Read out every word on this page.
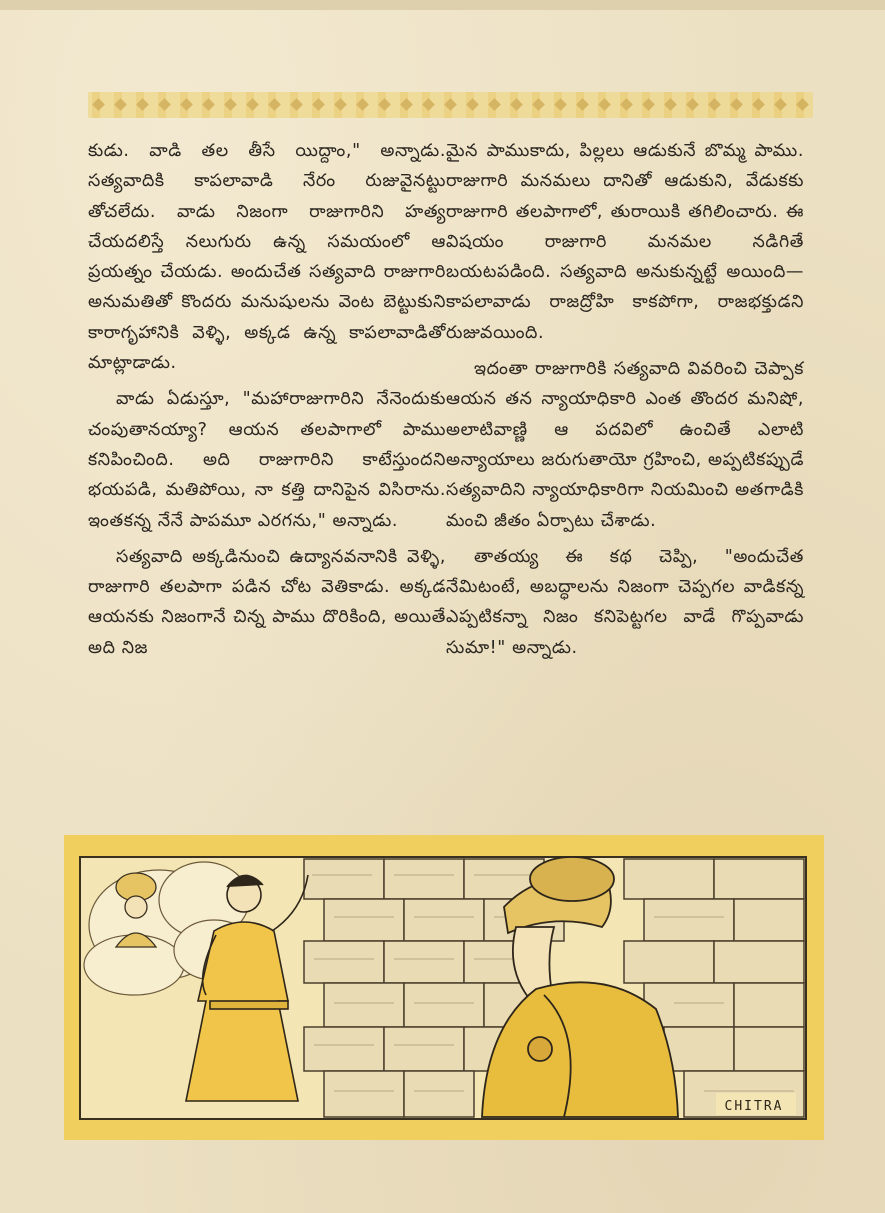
కుడు. వాడి తల తీసే యిద్దాం," అన్నాడు. సత్యవాదికి కాపలావాడి నేరం రుజువైనట్టు తోచలేదు. వాడు నిజంగా రాజుగారిని హత్య చేయదలిస్తే నలుగురు ఉన్న సమయంలో ఆ ప్రయత్నం చేయడు. అందుచేత సత్యవాది రాజుగారి అనుమతితో కొందరు మనుషులను వెంట బెట్టుకుని కారాగృహానికి వెళ్ళి, అక్కడ ఉన్న కాపలావాడితో మాట్లాడాడు.

వాడు ఏడుస్తూ, "మహారాజుగారిని నేనెందుకు చంపుతానయ్యా? ఆయన తలపాగాలో పాము కనిపించింది. అది రాజుగారిని కాటేస్తుందని భయపడి, మతిపోయి, నా కత్తి దానిపైన విసిరాను. ఇంతకన్న నేనే పాపమూ ఎరగను," అన్నాడు.

సత్యవాది అక్కడినుంచి ఉద్యానవనానికి వెళ్ళి, రాజుగారి తలపాగా పడిన చోట వెతికాడు. అక్కడ ఆయనకు నిజంగానే చిన్న పాము దొరికింది, అయితే అది నిజ

మైన పాముకాదు, పిల్లలు ఆడుకునే బొమ్మ పాము. రాజుగారి మనమలు దానితో ఆడుకుని, వేడుకకు రాజుగారి తలపాగాలో, తురాయికి తగిలించారు. ఈ విషయం రాజుగారి మనమల నడిగితే బయటపడింది. సత్యవాది అనుకున్నట్టే అయింది—కాపలావాడు రాజద్రోహి కాకపోగా, రాజభక్తుడని రుజువయింది.

ఇదంతా రాజుగారికి సత్యవాది వివరించి చెప్పాక ఆయన తన న్యాయాధికారి ఎంత తొందర మనిషో, అలాటివాణ్ణి ఆ పదవిలో ఉంచితే ఎలాటి అన్యాయాలు జరుగుతాయో గ్రహించి, అప్పటికప్పుడే సత్యవాదిని న్యాయాధికారిగా నియమించి అతగాడికి మంచి జీతం ఏర్పాటు చేశాడు.

తాతయ్య ఈ కథ చెప్పి, "అందుచేత నేమిటంటే, అబద్ధాలను నిజంగా చెప్పగల వాడికన్న ఎప్పటికన్నా నిజం కనిపెట్టగల వాడే గొప్పవాడు సుమా!" అన్నాడు.

CHITRA
